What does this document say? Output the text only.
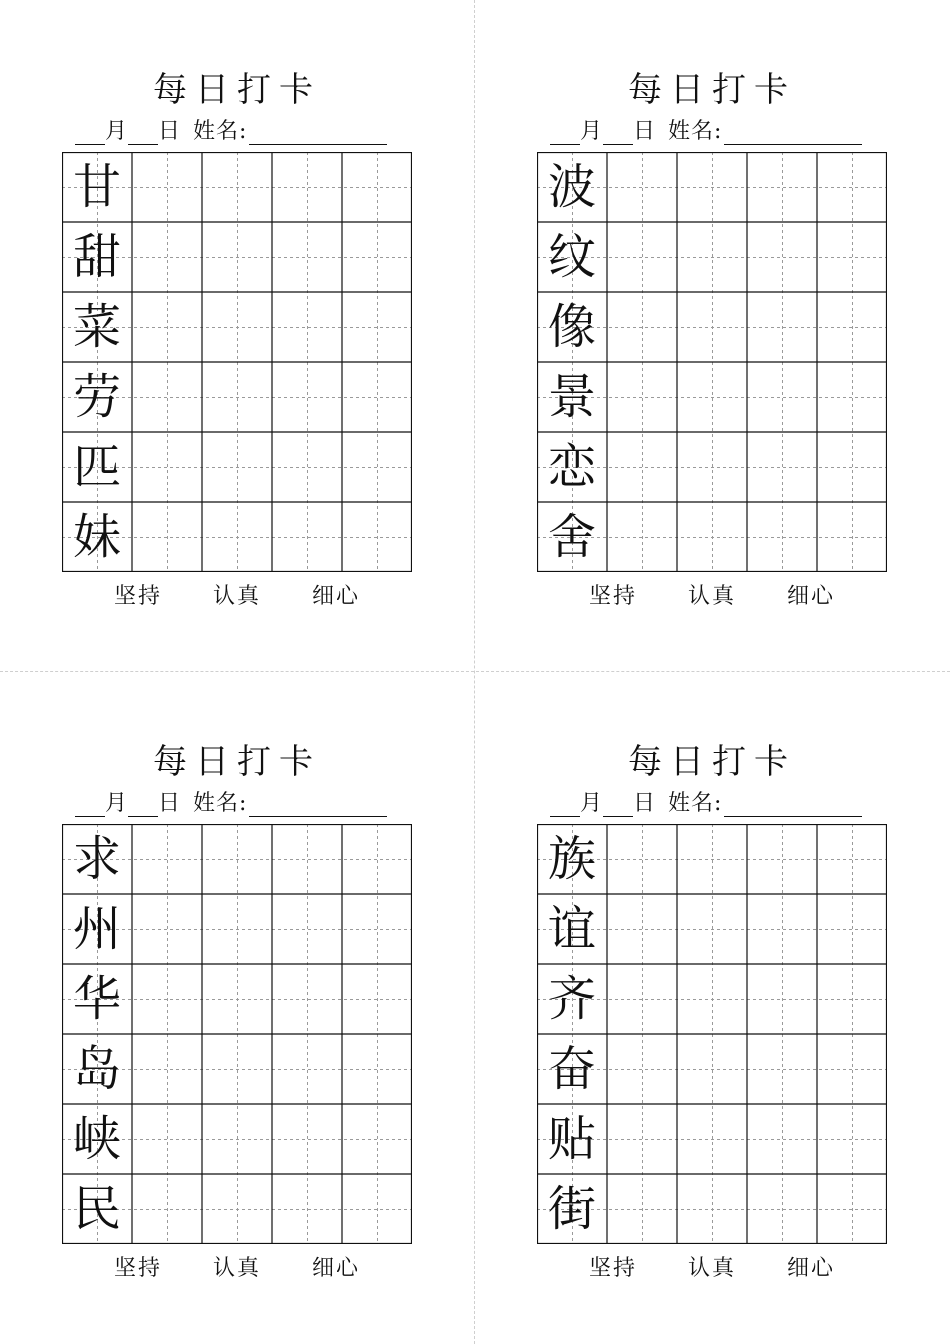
每日打卡
月 日 姓名:
甘
甜
菜
劳
匹
妹
坚持 认真 细心
每日打卡
月 日 姓名:
波
纹
像
景
恋
舍
坚持 认真 细心
每日打卡
月 日 姓名:
求
州
华
岛
峡
民
坚持 认真 细心
每日打卡
月 日 姓名:
族
谊
齐
奋
贴
街
坚持 认真 细心
